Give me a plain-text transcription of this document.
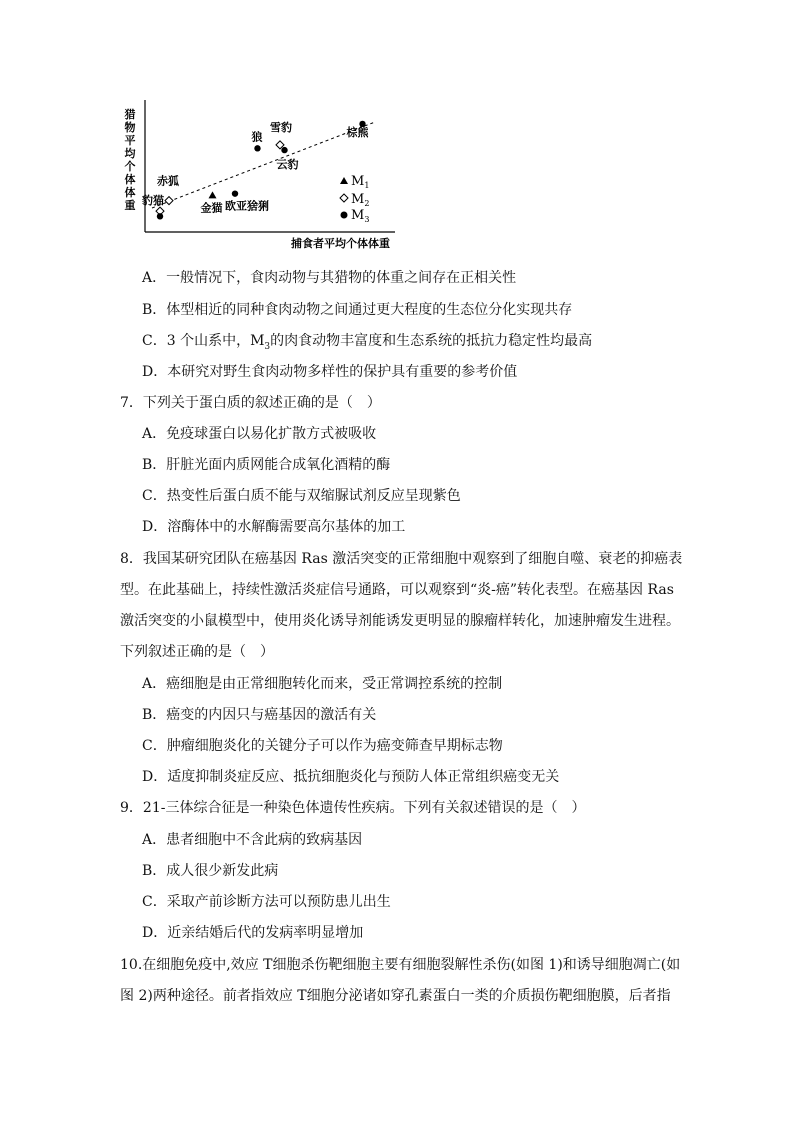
豹猫
赤狐
金猫 欧亚猞猁
狼
雪豹
云豹
棕熊
$M_1$
$M_2$
$M_3$
捕食者平均个体体重
猎物平均个体体重
A．一般情况下，食肉动物与其猎物的体重之间存在正相关性
B．体型相近的同种食肉动物之间通过更大程度的生态位分化实现共存
C．3 个山系中，$M_3$的肉食动物丰富度和生态系统的抵抗力稳定性均最高
D．本研究对野生食肉动物多样性的保护具有重要的参考价值
7．下列关于蛋白质的叙述正确的是（　）
A．免疫球蛋白以易化扩散方式被吸收
B．肝脏光面内质网能合成氧化酒精的酶
C．热变性后蛋白质不能与双缩脲试剂反应呈现紫色
D．溶酶体中的水解酶需要高尔基体的加工
8．我国某研究团队在癌基因 Ras 激活突变的正常细胞中观察到了细胞自噬、衰老的抑癌表
型。在此基础上，持续性激活炎症信号通路，可以观察到“炎-癌”转化表型。在癌基因 Ras
激活突变的小鼠模型中，使用炎化诱导剂能诱发更明显的腺瘤样转化，加速肿瘤发生进程。
下列叙述正确的是（　）
A．癌细胞是由正常细胞转化而来，受正常调控系统的控制
B．癌变的内因只与癌基因的激活有关
C．肿瘤细胞炎化的关键分子可以作为癌变筛查早期标志物
D．适度抑制炎症反应、抵抗细胞炎化与预防人体正常组织癌变无关
9．21-三体综合征是一种染色体遗传性疾病。下列有关叙述错误的是（　）
A．患者细胞中不含此病的致病基因
B．成人很少新发此病
C．采取产前诊断方法可以预防患儿出生
D．近亲结婚后代的发病率明显增加
10.在细胞免疫中,效应 T细胞杀伤靶细胞主要有细胞裂解性杀伤(如图 1)和诱导细胞凋亡(如
图 2)两种途径。前者指效应 T细胞分泌诸如穿孔素蛋白一类的介质损伤靶细胞膜，后者指
